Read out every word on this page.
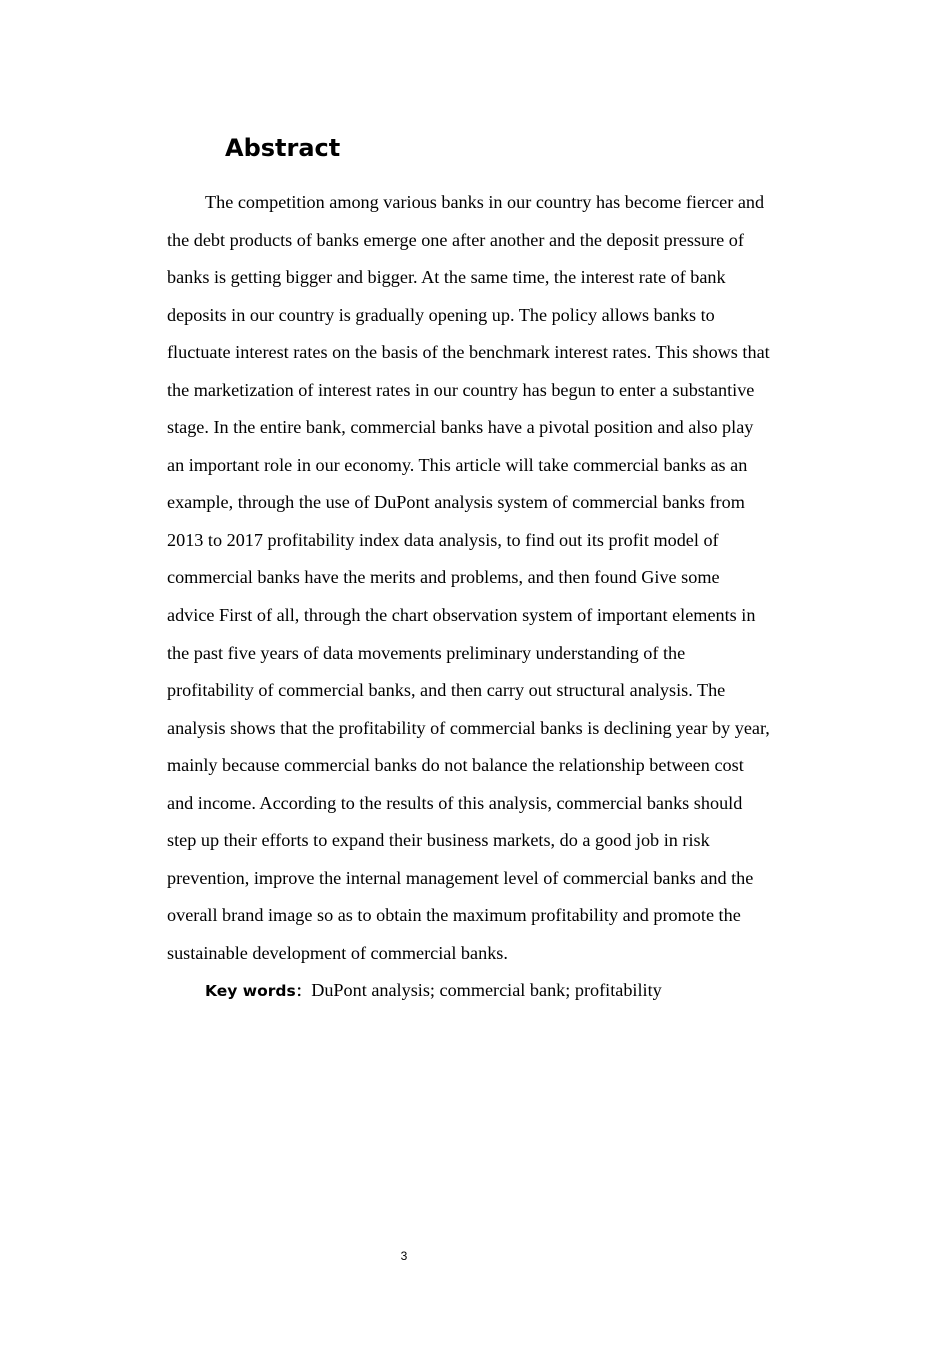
Abstract
The competition among various banks in our country has become fiercer and
the debt products of banks emerge one after another and the deposit pressure of
banks is getting bigger and bigger. At the same time, the interest rate of bank
deposits in our country is gradually opening up. The policy allows banks to
fluctuate interest rates on the basis of the benchmark interest rates. This shows that
the marketization of interest rates in our country has begun to enter a substantive
stage. In the entire bank, commercial banks have a pivotal position and also play
an important role in our economy. This article will take commercial banks as an
example, through the use of DuPont analysis system of commercial banks from
2013 to 2017 profitability index data analysis, to find out its profit model of
commercial banks have the merits and problems, and then found Give some
advice First of all, through the chart observation system of important elements in
the past five years of data movements preliminary understanding of the
profitability of commercial banks, and then carry out structural analysis. The
analysis shows that the profitability of commercial banks is declining year by year,
mainly because commercial banks do not balance the relationship between cost
and income. According to the results of this analysis, commercial banks should
step up their efforts to expand their business markets, do a good job in risk
prevention, improve the internal management level of commercial banks and the
overall brand image so as to obtain the maximum profitability and promote the
sustainable development of commercial banks.

Key words：DuPont analysis; commercial bank; profitability

3
